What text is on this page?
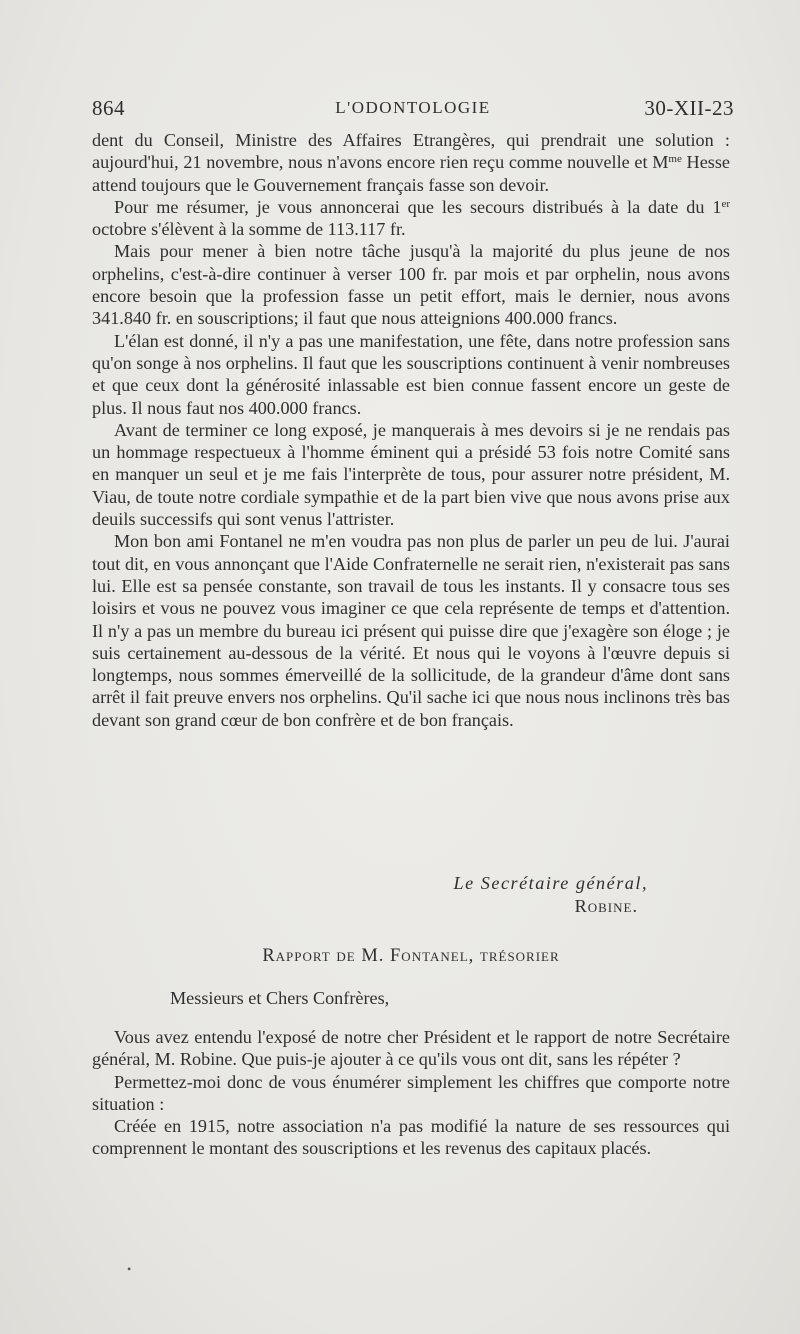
864	L'ODONTOLOGIE	30-XII-23

dent du Conseil, Ministre des Affaires Etrangères, qui prendrait une solution : aujourd'hui, 21 novembre, nous n'avons encore rien reçu comme nouvelle et $M^{me}$ Hesse attend toujours que le Gouvernement français fasse son devoir.

Pour me résumer, je vous annoncerai que les secours distribués à la date du 1er octobre s'élèvent à la somme de 113.117 fr.

Mais pour mener à bien notre tâche jusqu'à la majorité du plus jeune de nos orphelins, c'est-à-dire continuer à verser 100 fr. par mois et par orphelin, nous avons encore besoin que la profession fasse un petit effort, mais le dernier, nous avons 341.840 fr. en souscriptions; il faut que nous atteignions 400.000 francs.

L'élan est donné, il n'y a pas une manifestation, une fête, dans notre profession sans qu'on songe à nos orphelins. Il faut que les souscriptions continuent à venir nombreuses et que ceux dont la générosité inlassable est bien connue fassent encore un geste de plus. Il nous faut nos 400.000 francs.

Avant de terminer ce long exposé, je manquerais à mes devoirs si je ne rendais pas un hommage respectueux à l'homme éminent qui a présidé 53 fois notre Comité sans en manquer un seul et je me fais l'interprète de tous, pour assurer notre président, M. Viau, de toute notre cordiale sympathie et de la part bien vive que nous avons prise aux deuils successifs qui sont venus l'attrister.

Mon bon ami Fontanel ne m'en voudra pas non plus de parler un peu de lui. J'aurai tout dit, en vous annonçant que l'Aide Confraternelle ne serait rien, n'existerait pas sans lui. Elle est sa pensée constante, son travail de tous les instants. Il y consacre tous ses loisirs et vous ne pouvez vous imaginer ce que cela représente de temps et d'attention. Il n'y a pas un membre du bureau ici présent qui puisse dire que j'exagère son éloge ; je suis certainement au-dessous de la vérité. Et nous qui le voyons à l'œuvre depuis si longtemps, nous sommes émerveillé de la sollicitude, de la grandeur d'âme dont sans arrêt il fait preuve envers nos orphelins. Qu'il sache ici que nous nous inclinons très bas devant son grand cœur de bon confrère et de bon français.

Le Secrétaire général,
Robine.
Rapport de M. Fontanel, trésorier
Messieurs et Chers Confrères,

Vous avez entendu l'exposé de notre cher Président et le rapport de notre Secrétaire général, M. Robine. Que puis-je ajouter à ce qu'ils vous ont dit, sans les répéter ?

Permettez-moi donc de vous énumérer simplement les chiffres que comporte notre situation :

Créée en 1915, notre association n'a pas modifié la nature de ses ressources qui comprennent le montant des souscriptions et les revenus des capitaux placés.

•
